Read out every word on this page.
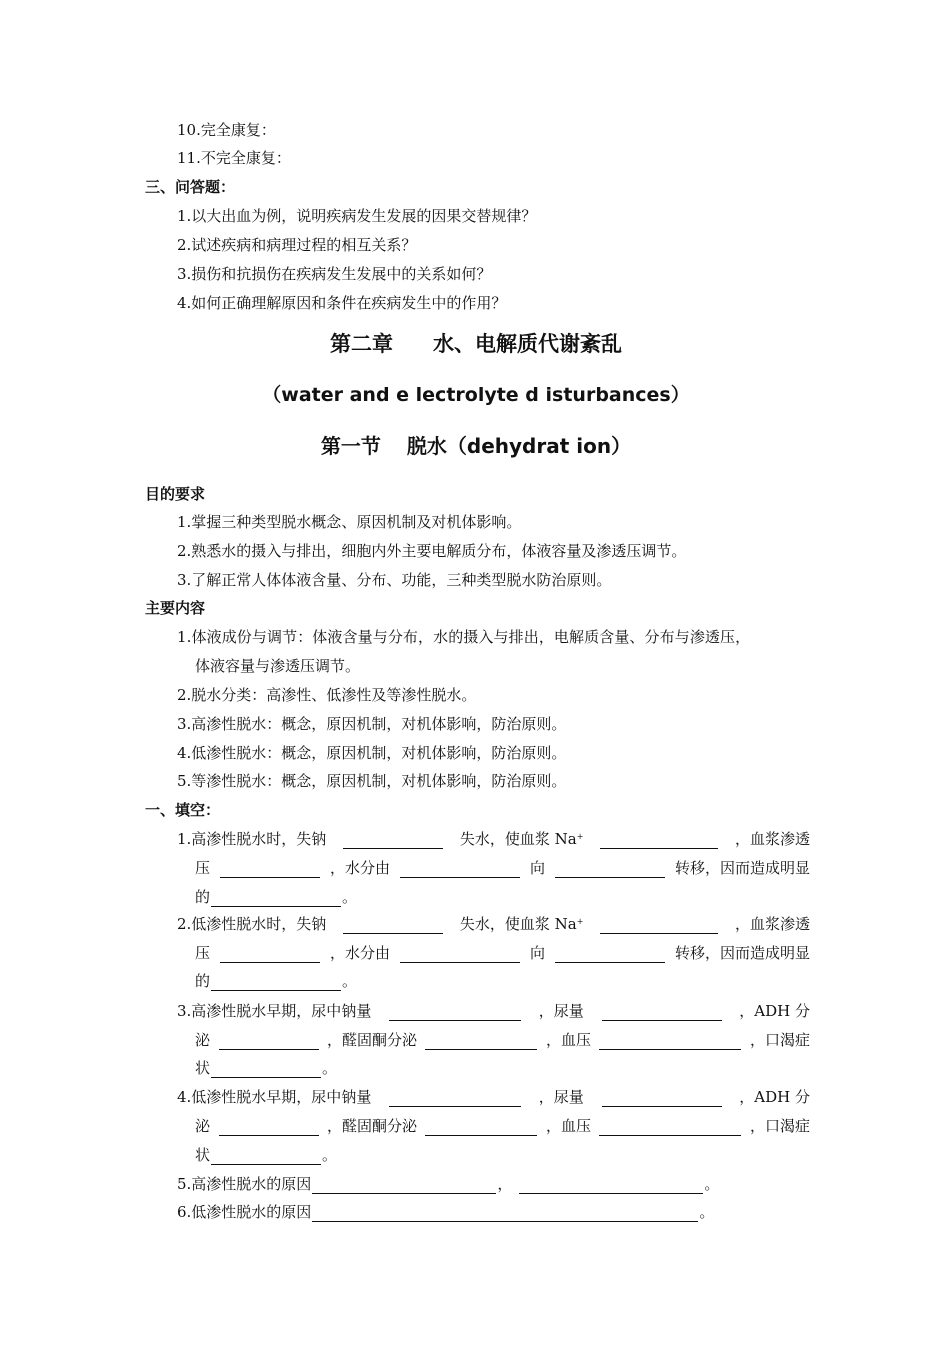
10.完全康复：
11.不完全康复：
三、问答题：
1.以大出血为例，说明疾病发生发展的因果交替规律？
2.试述疾病和病理过程的相互关系？
3.损伤和抗损伤在疾病发生发展中的关系如何？
4.如何正确理解原因和条件在疾病发生中的作用？
第二章 水、电解质代谢紊乱
（water and e lectrolyte d isturbances）
第一节 脱水（dehydrat ion）
目的要求
1.掌握三种类型脱水概念、原因机制及对机体影响。
2.熟悉水的摄入与排出，细胞内外主要电解质分布，体液容量及渗透压调节。
3.了解正常人体体液含量、分布、功能，三种类型脱水防治原则。
主要内容
1.体液成份与调节：体液含量与分布，水的摄入与排出，电解质含量、分布与渗透压，
体液容量与渗透压调节。
2.脱水分类：高渗性、低渗性及等渗性脱水。
3.高渗性脱水：概念，原因机制，对机体影响，防治原则。
4.低渗性脱水：概念，原因机制，对机体影响，防治原则。
5.等渗性脱水：概念，原因机制，对机体影响，防治原则。
一、填空：
1.高渗性脱水时，失钠	失水，使血浆 Na+	，血浆渗透
压	，水分由	向	转移，因而造成明显
的	。
2.低渗性脱水时，失钠	失水，使血浆 Na+	，血浆渗透
压	，水分由	向	转移，因而造成明显
的	。
3.高渗性脱水早期，尿中钠量	，尿量	，ADH 分
泌	，醛固酮分泌	，血压	，口渴症
状	。
4.低渗性脱水早期，尿中钠量	，尿量	，ADH 分
泌	，醛固酮分泌	，血压	，口渴症
状	。
5.高渗性脱水的原因	，	。
6.低渗性脱水的原因	。
